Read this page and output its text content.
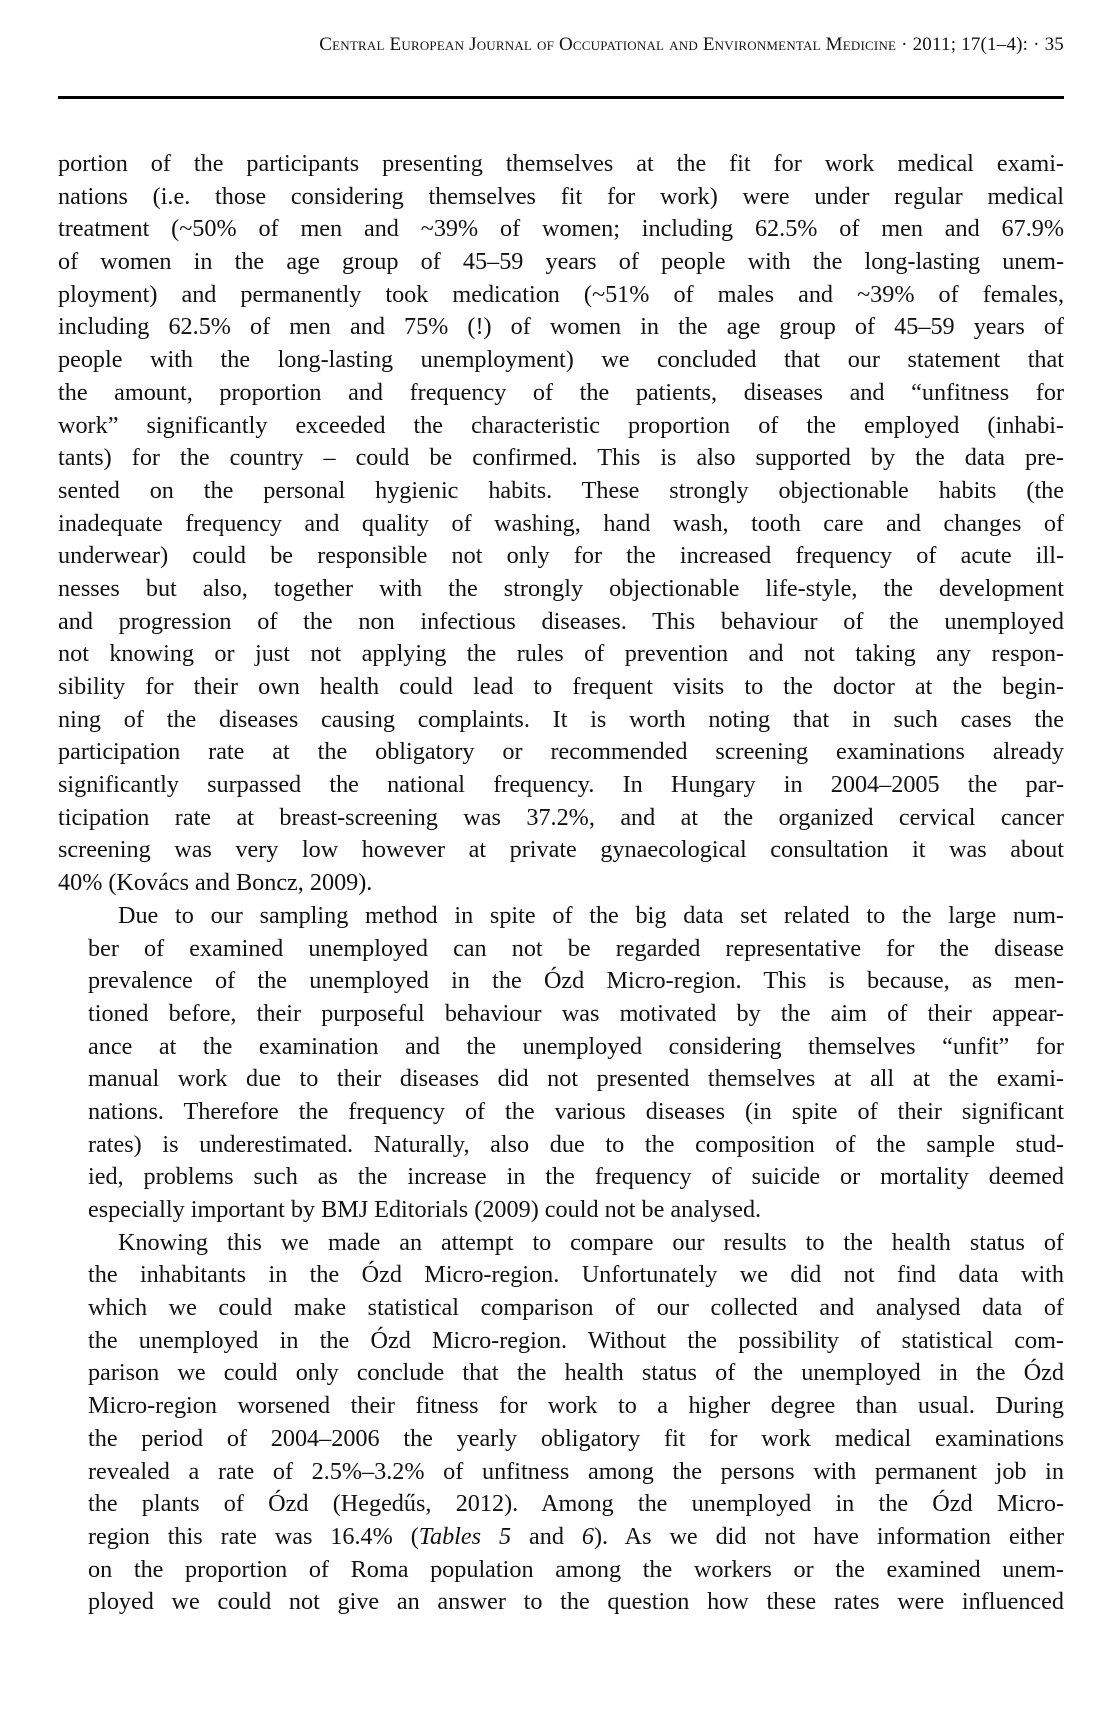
Central European Journal of Occupational and Environmental Medicine · 2011; 17(1–4): · 35

portion of the participants presenting themselves at the fit for work medical exami-
nations (i.e. those considering themselves fit for work) were under regular medical
treatment (~50% of men and ~39% of women; including 62.5% of men and 67.9%
of women in the age group of 45–59 years of people with the long-lasting unem-
ployment) and permanently took medication (~51% of males and ~39% of females,
including 62.5% of men and 75% (!) of women in the age group of 45–59 years of
people with the long-lasting unemployment) we concluded that our statement that
the amount, proportion and frequency of the patients, diseases and “unfitness for
work” significantly exceeded the characteristic proportion of the employed (inhabi-
tants) for the country – could be confirmed. This is also supported by the data pre-
sented on the personal hygienic habits. These strongly objectionable habits (the
inadequate frequency and quality of washing, hand wash, tooth care and changes of
underwear) could be responsible not only for the increased frequency of acute ill-
nesses but also, together with the strongly objectionable life-style, the development
and progression of the non infectious diseases. This behaviour of the unemployed
not knowing or just not applying the rules of prevention and not taking any respon-
sibility for their own health could lead to frequent visits to the doctor at the begin-
ning of the diseases causing complaints. It is worth noting that in such cases the
participation rate at the obligatory or recommended screening examinations already
significantly surpassed the national frequency. In Hungary in 2004–2005 the par-
ticipation rate at breast-screening was 37.2%, and at the organized cervical cancer
screening was very low however at private gynaecological consultation it was about
40% (Kovács and Boncz, 2009).

Due to our sampling method in spite of the big data set related to the large num-
ber of examined unemployed can not be regarded representative for the disease
prevalence of the unemployed in the Ózd Micro-region. This is because, as men-
tioned before, their purposeful behaviour was motivated by the aim of their appear-
ance at the examination and the unemployed considering themselves “unfit” for
manual work due to their diseases did not presented themselves at all at the exami-
nations. Therefore the frequency of the various diseases (in spite of their significant
rates) is underestimated. Naturally, also due to the composition of the sample stud-
ied, problems such as the increase in the frequency of suicide or mortality deemed
especially important by BMJ Editorials (2009) could not be analysed.

Knowing this we made an attempt to compare our results to the health status of
the inhabitants in the Ózd Micro-region. Unfortunately we did not find data with
which we could make statistical comparison of our collected and analysed data of
the unemployed in the Ózd Micro-region. Without the possibility of statistical com-
parison we could only conclude that the health status of the unemployed in the Ózd
Micro-region worsened their fitness for work to a higher degree than usual. During
the period of 2004–2006 the yearly obligatory fit for work medical examinations
revealed a rate of 2.5%–3.2% of unfitness among the persons with permanent job in
the plants of Ózd (Hegedűs, 2012). Among the unemployed in the Ózd Micro-
region this rate was 16.4% (Tables 5 and 6). As we did not have information either
on the proportion of Roma population among the workers or the examined unem-
ployed we could not give an answer to the question how these rates were influenced
